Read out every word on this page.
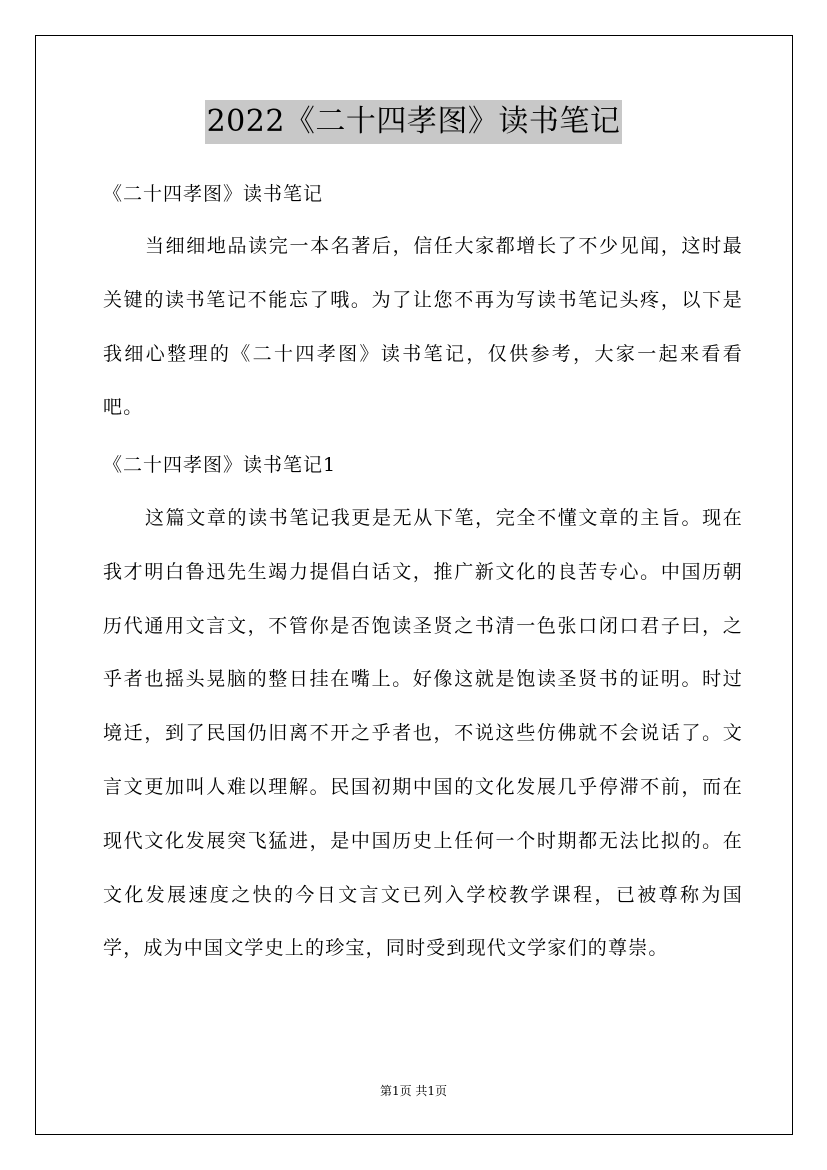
2022《二十四孝图》读书笔记
《二十四孝图》读书笔记
当细细地品读完一本名著后，信任大家都增长了不少见闻，这时最关键的读书笔记不能忘了哦。为了让您不再为写读书笔记头疼，以下是我细心整理的《二十四孝图》读书笔记，仅供参考，大家一起来看看吧。
《二十四孝图》读书笔记1
这篇文章的读书笔记我更是无从下笔，完全不懂文章的主旨。现在我才明白鲁迅先生竭力提倡白话文，推广新文化的良苦专心。中国历朝历代通用文言文，不管你是否饱读圣贤之书清一色张口闭口君子曰，之乎者也摇头晃脑的整日挂在嘴上。好像这就是饱读圣贤书的证明。时过境迁，到了民国仍旧离不开之乎者也，不说这些仿佛就不会说话了。文言文更加叫人难以理解。民国初期中国的文化发展几乎停滞不前，而在现代文化发展突飞猛进，是中国历史上任何一个时期都无法比拟的。在文化发展速度之快的今日文言文已列入学校教学课程，已被尊称为国学，成为中国文学史上的珍宝，同时受到现代文学家们的尊崇。
第1页 共1页
